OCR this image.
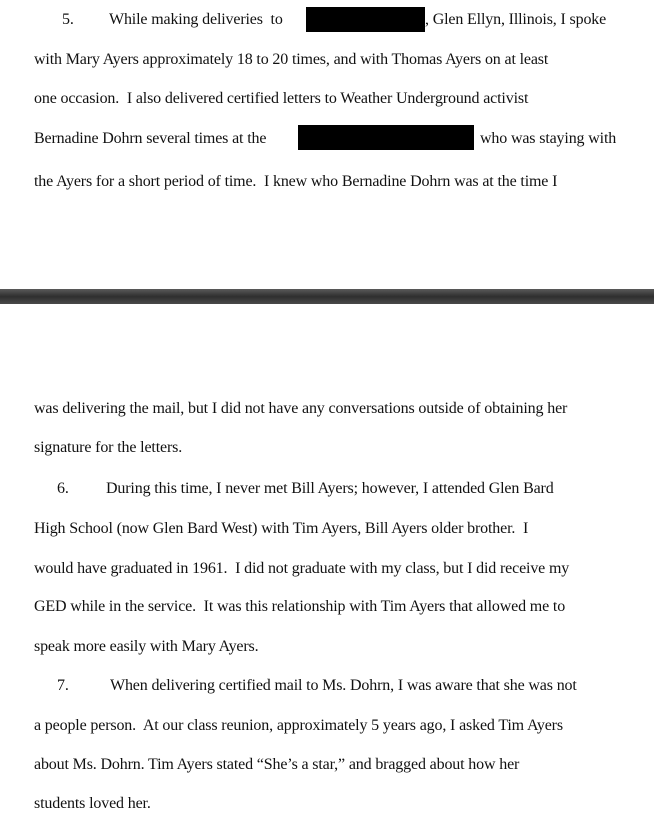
5. While making deliveries  to	, Glen Ellyn, Illinois, I spoke
with Mary Ayers approximately 18 to 20 times, and with Thomas Ayers on at least
one occasion.  I also delivered certified letters to Weather Underground activist
Bernadine Dohrn several times at the	who was staying with
the Ayers for a short period of time.  I knew who Bernadine Dohrn was at the time I
was delivering the mail, but I did not have any conversations outside of obtaining her
signature for the letters.
6. During this time, I never met Bill Ayers; however, I attended Glen Bard
High School (now Glen Bard West) with Tim Ayers, Bill Ayers older brother.  I
would have graduated in 1961.  I did not graduate with my class, but I did receive my
GED while in the service.  It was this relationship with Tim Ayers that allowed me to
speak more easily with Mary Ayers.
7.	When delivering certified mail to Ms. Dohrn, I was aware that she was not
a people person.  At our class reunion, approximately 5 years ago, I asked Tim Ayers
about Ms. Dohrn. Tim Ayers stated “She’s a star,” and bragged about how her
students loved her.
